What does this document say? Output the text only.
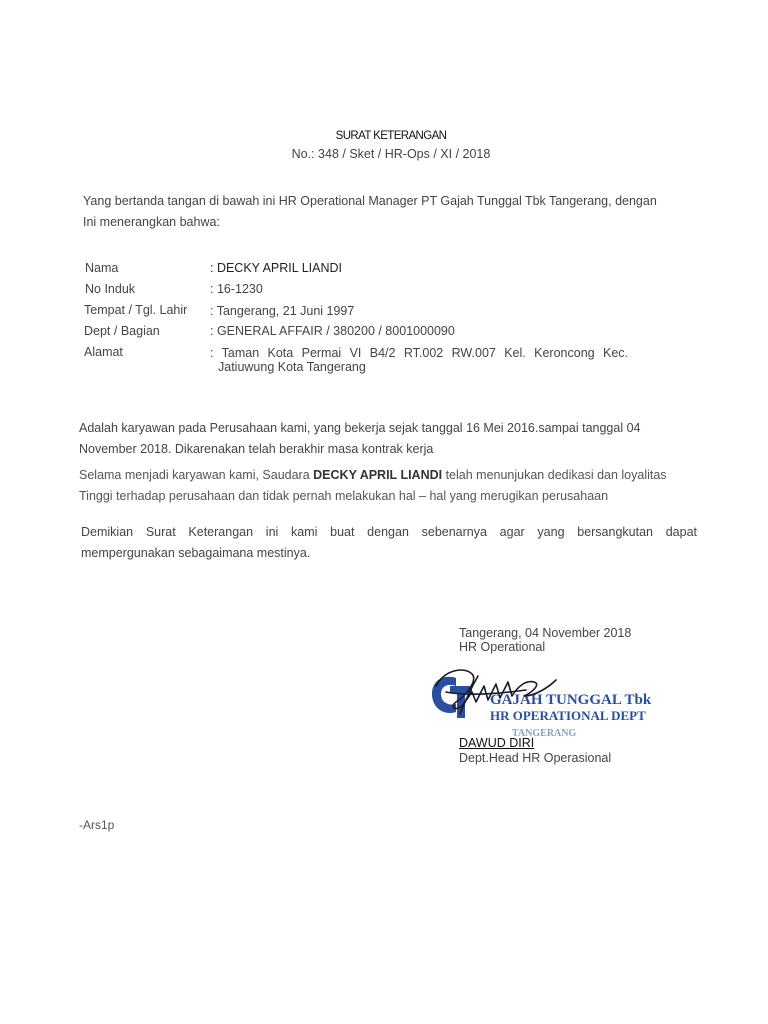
SURAT KETERANGAN
No.: 348 / Sket / HR-Ops / XI / 2018
Yang bertanda tangan di bawah ini HR Operational Manager PT Gajah Tunggal Tbk Tangerang, dengan
Ini menerangkan bahwa:
Nama	: DECKY APRIL LIANDI
No Induk	: 16-1230
Tempat / Tgl. Lahir : Tangerang, 21 Juni 1997
Dept / Bagian	: GENERAL AFFAIR / 380200 / 8001000090
Alamat	: Taman Kota Permai VI B4/2 RT.002 RW.007 Kel. Keroncong Kec.
Jatiuwung Kota Tangerang
Adalah karyawan pada Perusahaan kami, yang bekerja sejak tanggal 16 Mei 2016.sampai tanggal 04
November 2018. Dikarenakan telah berakhir masa kontrak kerja
Selama menjadi karyawan kami, Saudara DECKY APRIL LIANDI telah menunjukan dedikasi dan loyalitas
Tinggi terhadap perusahaan dan tidak pernah melakukan hal – hal yang merugikan perusahaan
Demikian Surat Keterangan ini kami buat dengan sebenarnya agar yang bersangkutan dapat
mempergunakan sebagaimana mestinya.
Tangerang, 04 November 2018
HR Operational
GAJAH TUNGGAL Tbk
HR OPERATIONAL DEPT
TANGERANG
DAWUD DIRI
Dept.Head HR Operasional
-Ars1p
